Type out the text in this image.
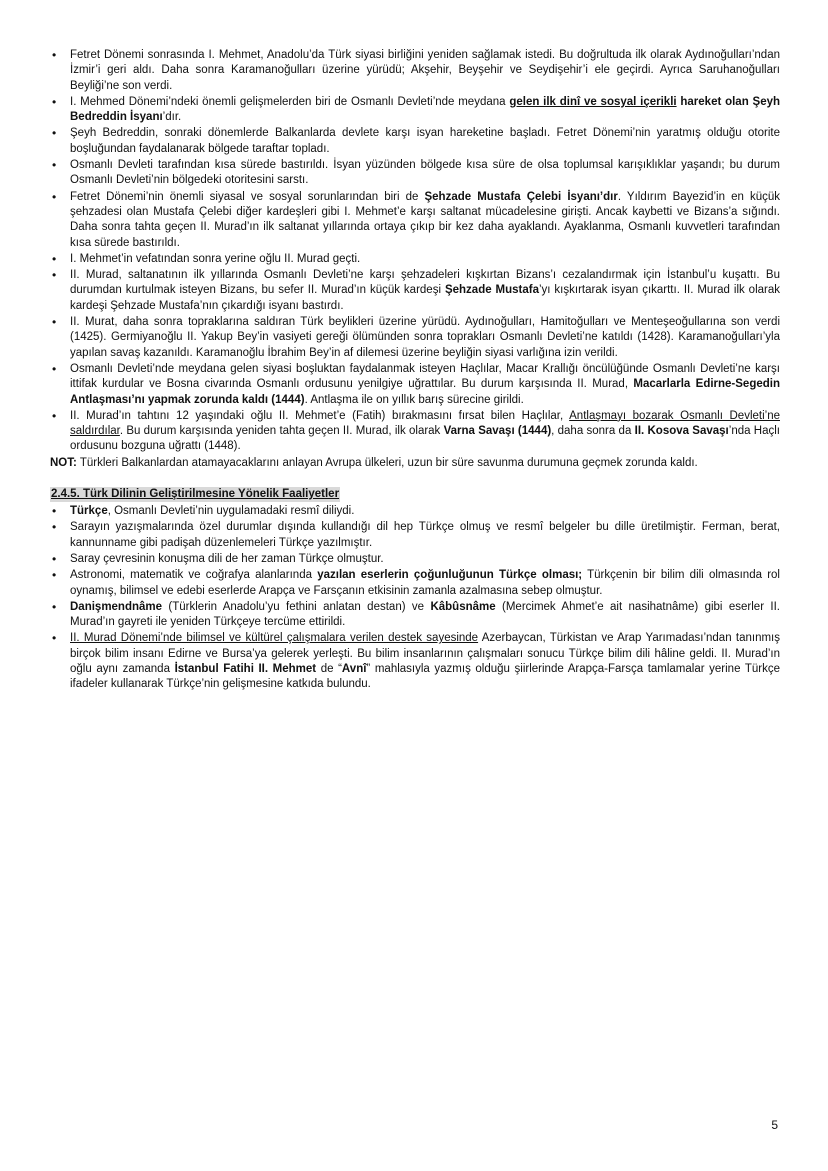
• Fetret Dönemi sonrasında I. Mehmet, Anadolu’da Türk siyasi birliğini yeniden sağlamak istedi. Bu doğrultuda ilk olarak Aydınoğulları’ndan İzmir’i geri aldı. Daha sonra Karamanoğulları üzerine yürüdü; Akşehir, Beyşehir ve Seydişehir’i ele geçirdi. Ayrıca Saruhanoğulları Beyliği’ne son verdi.
• I. Mehmed Dönemi’ndeki önemli gelişmelerden biri de Osmanlı Devleti’nde meydana gelen ilk dinî ve sosyal içerikli hareket olan Şeyh Bedreddin İsyanı’dır.
• Şeyh Bedreddin, sonraki dönemlerde Balkanlarda devlete karşı isyan hareketine başladı. Fetret Dönemi’nin yaratmış olduğu otorite boşluğundan faydalanarak bölgede taraftar topladı.
• Osmanlı Devleti tarafından kısa sürede bastırıldı. İsyan yüzünden bölgede kısa süre de olsa toplumsal karışıklıklar yaşandı; bu durum Osmanlı Devleti’nin bölgedeki otoritesini sarstı.
• Fetret Dönemi’nin önemli siyasal ve sosyal sorunlarından biri de Şehzade Mustafa Çelebi İsyanı’dır. Yıldırım Bayezid’in en küçük şehzadesi olan Mustafa Çelebi diğer kardeşleri gibi I. Mehmet’e karşı saltanat mücadelesine girişti. Ancak kaybetti ve Bizans’a sığındı. Daha sonra tahta geçen II. Murad’ın ilk saltanat yıllarında ortaya çıkıp bir kez daha ayaklandı. Ayaklanma, Osmanlı kuvvetleri tarafından kısa sürede bastırıldı.
• I. Mehmet’in vefatından sonra yerine oğlu II. Murad geçti.
• II. Murad, saltanatının ilk yıllarında Osmanlı Devleti’ne karşı şehzadeleri kışkırtan Bizans’ı cezalandırmak için İstanbul’u kuşattı. Bu durumdan kurtulmak isteyen Bizans, bu sefer II. Murad’ın küçük kardeşi Şehzade Mustafa’yı kışkırtarak isyan çıkarttı. II. Murad ilk olarak kardeşi Şehzade Mustafa’nın çıkardığı isyanı bastırdı.
• II. Murat, daha sonra topraklarına saldıran Türk beylikleri üzerine yürüdü. Aydınoğulları, Hamitoğulları ve Menteşeoğullarına son verdi (1425). Germiyanoğlu II. Yakup Bey’in vasiyeti gereği ölümünden sonra toprakları Osmanlı Devleti’ne katıldı (1428). Karamanoğulları’yla yapılan savaş kazanıldı. Karamanoğlu İbrahim Bey’in af dilemesi üzerine beyliğin siyasi varlığına izin verildi.
• Osmanlı Devleti’nde meydana gelen siyasi boşluktan faydalanmak isteyen Haçlılar, Macar Krallığı öncülüğünde Osmanlı Devleti’ne karşı ittifak kurdular ve Bosna civarında Osmanlı ordusunu yenilgiye uğrattılar. Bu durum karşısında II. Murad, Macarlarla Edirne-Segedin Antlaşması’nı yapmak zorunda kaldı (1444). Antlaşma ile on yıllık barış sürecine girildi.
• II. Murad’ın tahtını 12 yaşındaki oğlu II. Mehmet’e (Fatih) bırakmasını fırsat bilen Haçlılar, Antlaşmayı bozarak Osmanlı Devleti’ne saldırdılar. Bu durum karşısında yeniden tahta geçen II. Murad, ilk olarak Varna Savaşı (1444), daha sonra da II. Kosova Savaşı’nda Haçlı ordusunu bozguna uğrattı (1448).

NOT: Türkleri Balkanlardan atamayacaklarını anlayan Avrupa ülkeleri, uzun bir süre savunma durumuna geçmek zorunda kaldı.

2.4.5. Türk Dilinin Geliştirilmesine Yönelik Faaliyetler
• Türkçe, Osmanlı Devleti’nin uygulamadaki resmî diliydi.
• Sarayın yazışmalarında özel durumlar dışında kullandığı dil hep Türkçe olmuş ve resmî belgeler bu dille üretilmiştir. Ferman, berat, kannunname gibi padişah düzenlemeleri Türkçe yazılmıştır.
• Saray çevresinin konuşma dili de her zaman Türkçe olmuştur.
• Astronomi, matematik ve coğrafya alanlarında yazılan eserlerin çoğunluğunun Türkçe olması; Türkçenin bir bilim dili olmasında rol oynamış, bilimsel ve edebi eserlerde Arapça ve Farsçanın etkisinin zamanla azalmasına sebep olmuştur.
• Danişmendnâme (Türklerin Anadolu’yu fethini anlatan destan) ve Kâbûsnâme (Mercimek Ahmet’e ait nasihatnâme) gibi eserler II. Murad’ın gayreti ile yeniden Türkçeye tercüme ettirildi.
• II. Murad Dönemi’nde bilimsel ve kültürel çalışmalara verilen destek sayesinde Azerbaycan, Türkistan ve Arap Yarımadası’ndan tanınmış birçok bilim insanı Edirne ve Bursa’ya gelerek yerleşti. Bu bilim insanlarının çalışmaları sonucu Türkçe bilim dili hâline geldi. II. Murad’ın oğlu aynı zamanda İstanbul Fatihi II. Mehmet de “Avnî” mahlasıyla yazmış olduğu şiirlerinde Arapça-Farsça tamlamalar yerine Türkçe ifadeler kullanarak Türkçe’nin gelişmesine katkıda bulundu.
5
